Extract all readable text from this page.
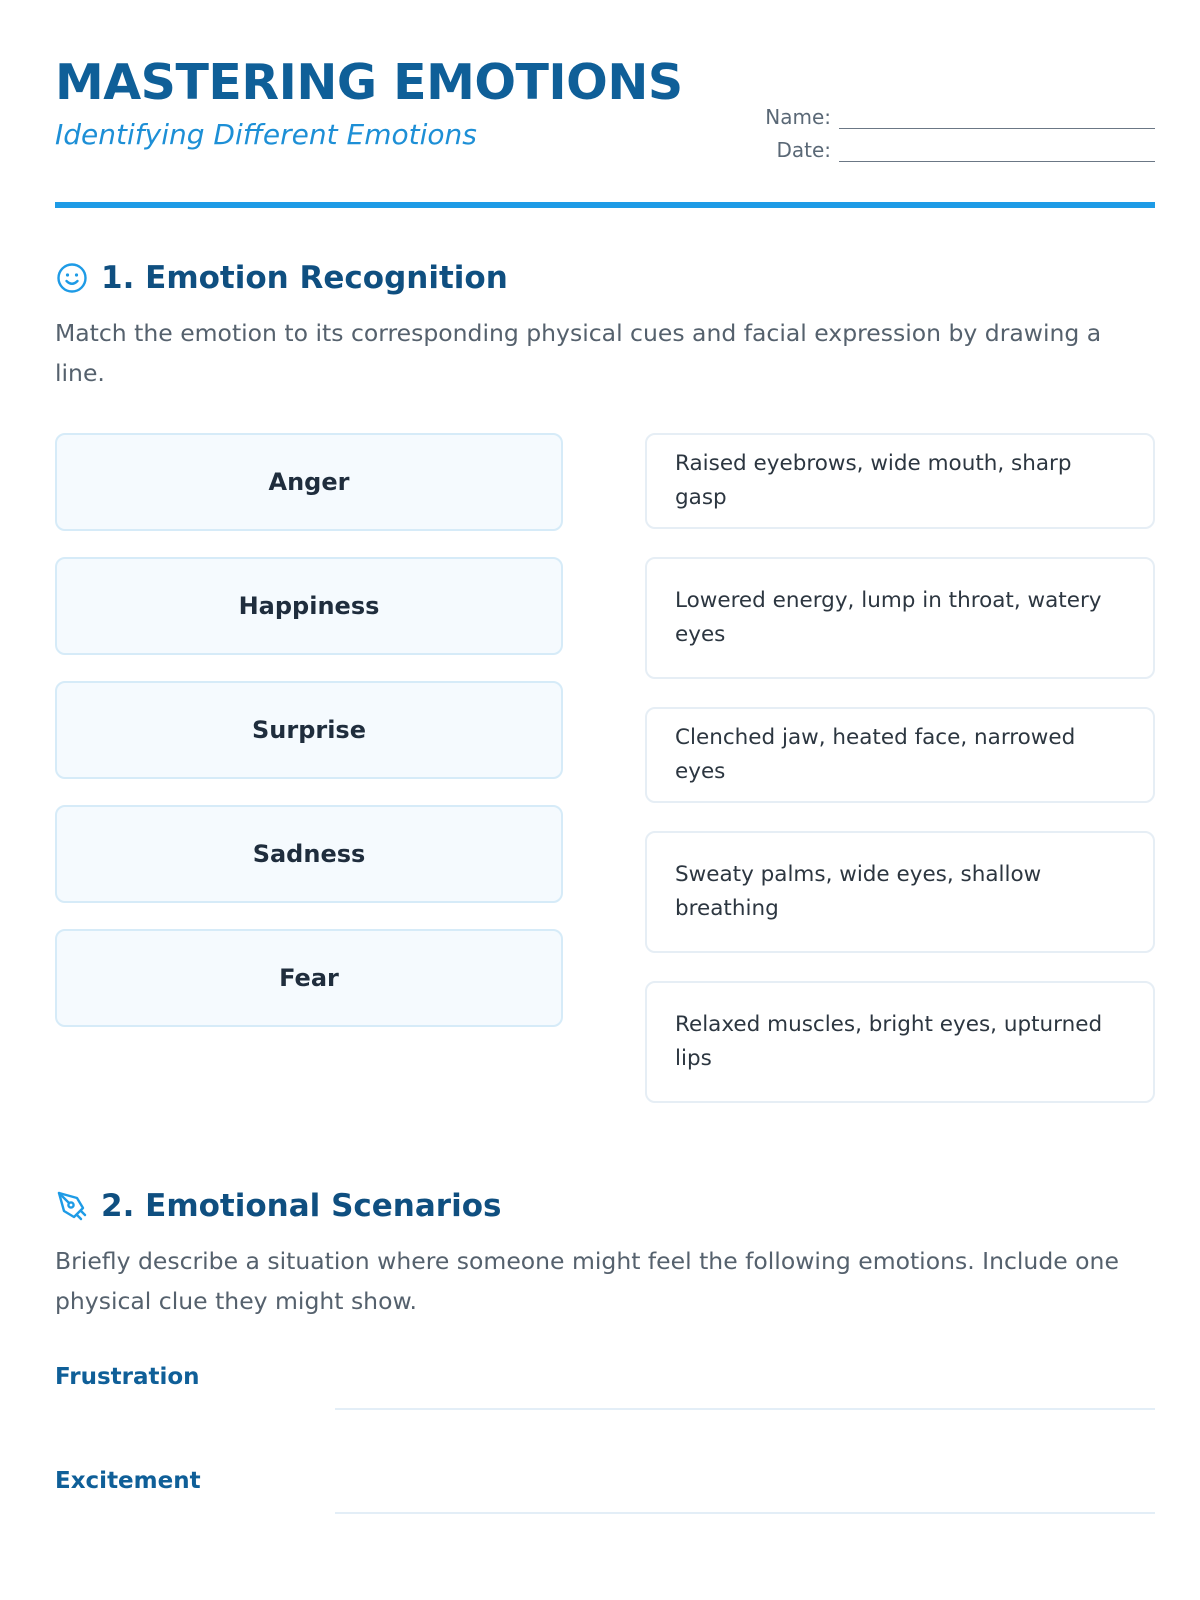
MASTERING EMOTIONS
Identifying Different Emotions
Name:
Date:
1. Emotion Recognition
Match the emotion to its corresponding physical cues and facial expression by drawing a line.
Anger
Happiness
Surprise
Sadness
Fear
Raised eyebrows, wide mouth, sharp gasp
Lowered energy, lump in throat, watery eyes
Clenched jaw, heated face, narrowed eyes
Sweaty palms, wide eyes, shallow breathing
Relaxed muscles, bright eyes, upturned lips
2. Emotional Scenarios
Briefly describe a situation where someone might feel the following emotions. Include one physical clue they might show.
Frustration
Excitement
